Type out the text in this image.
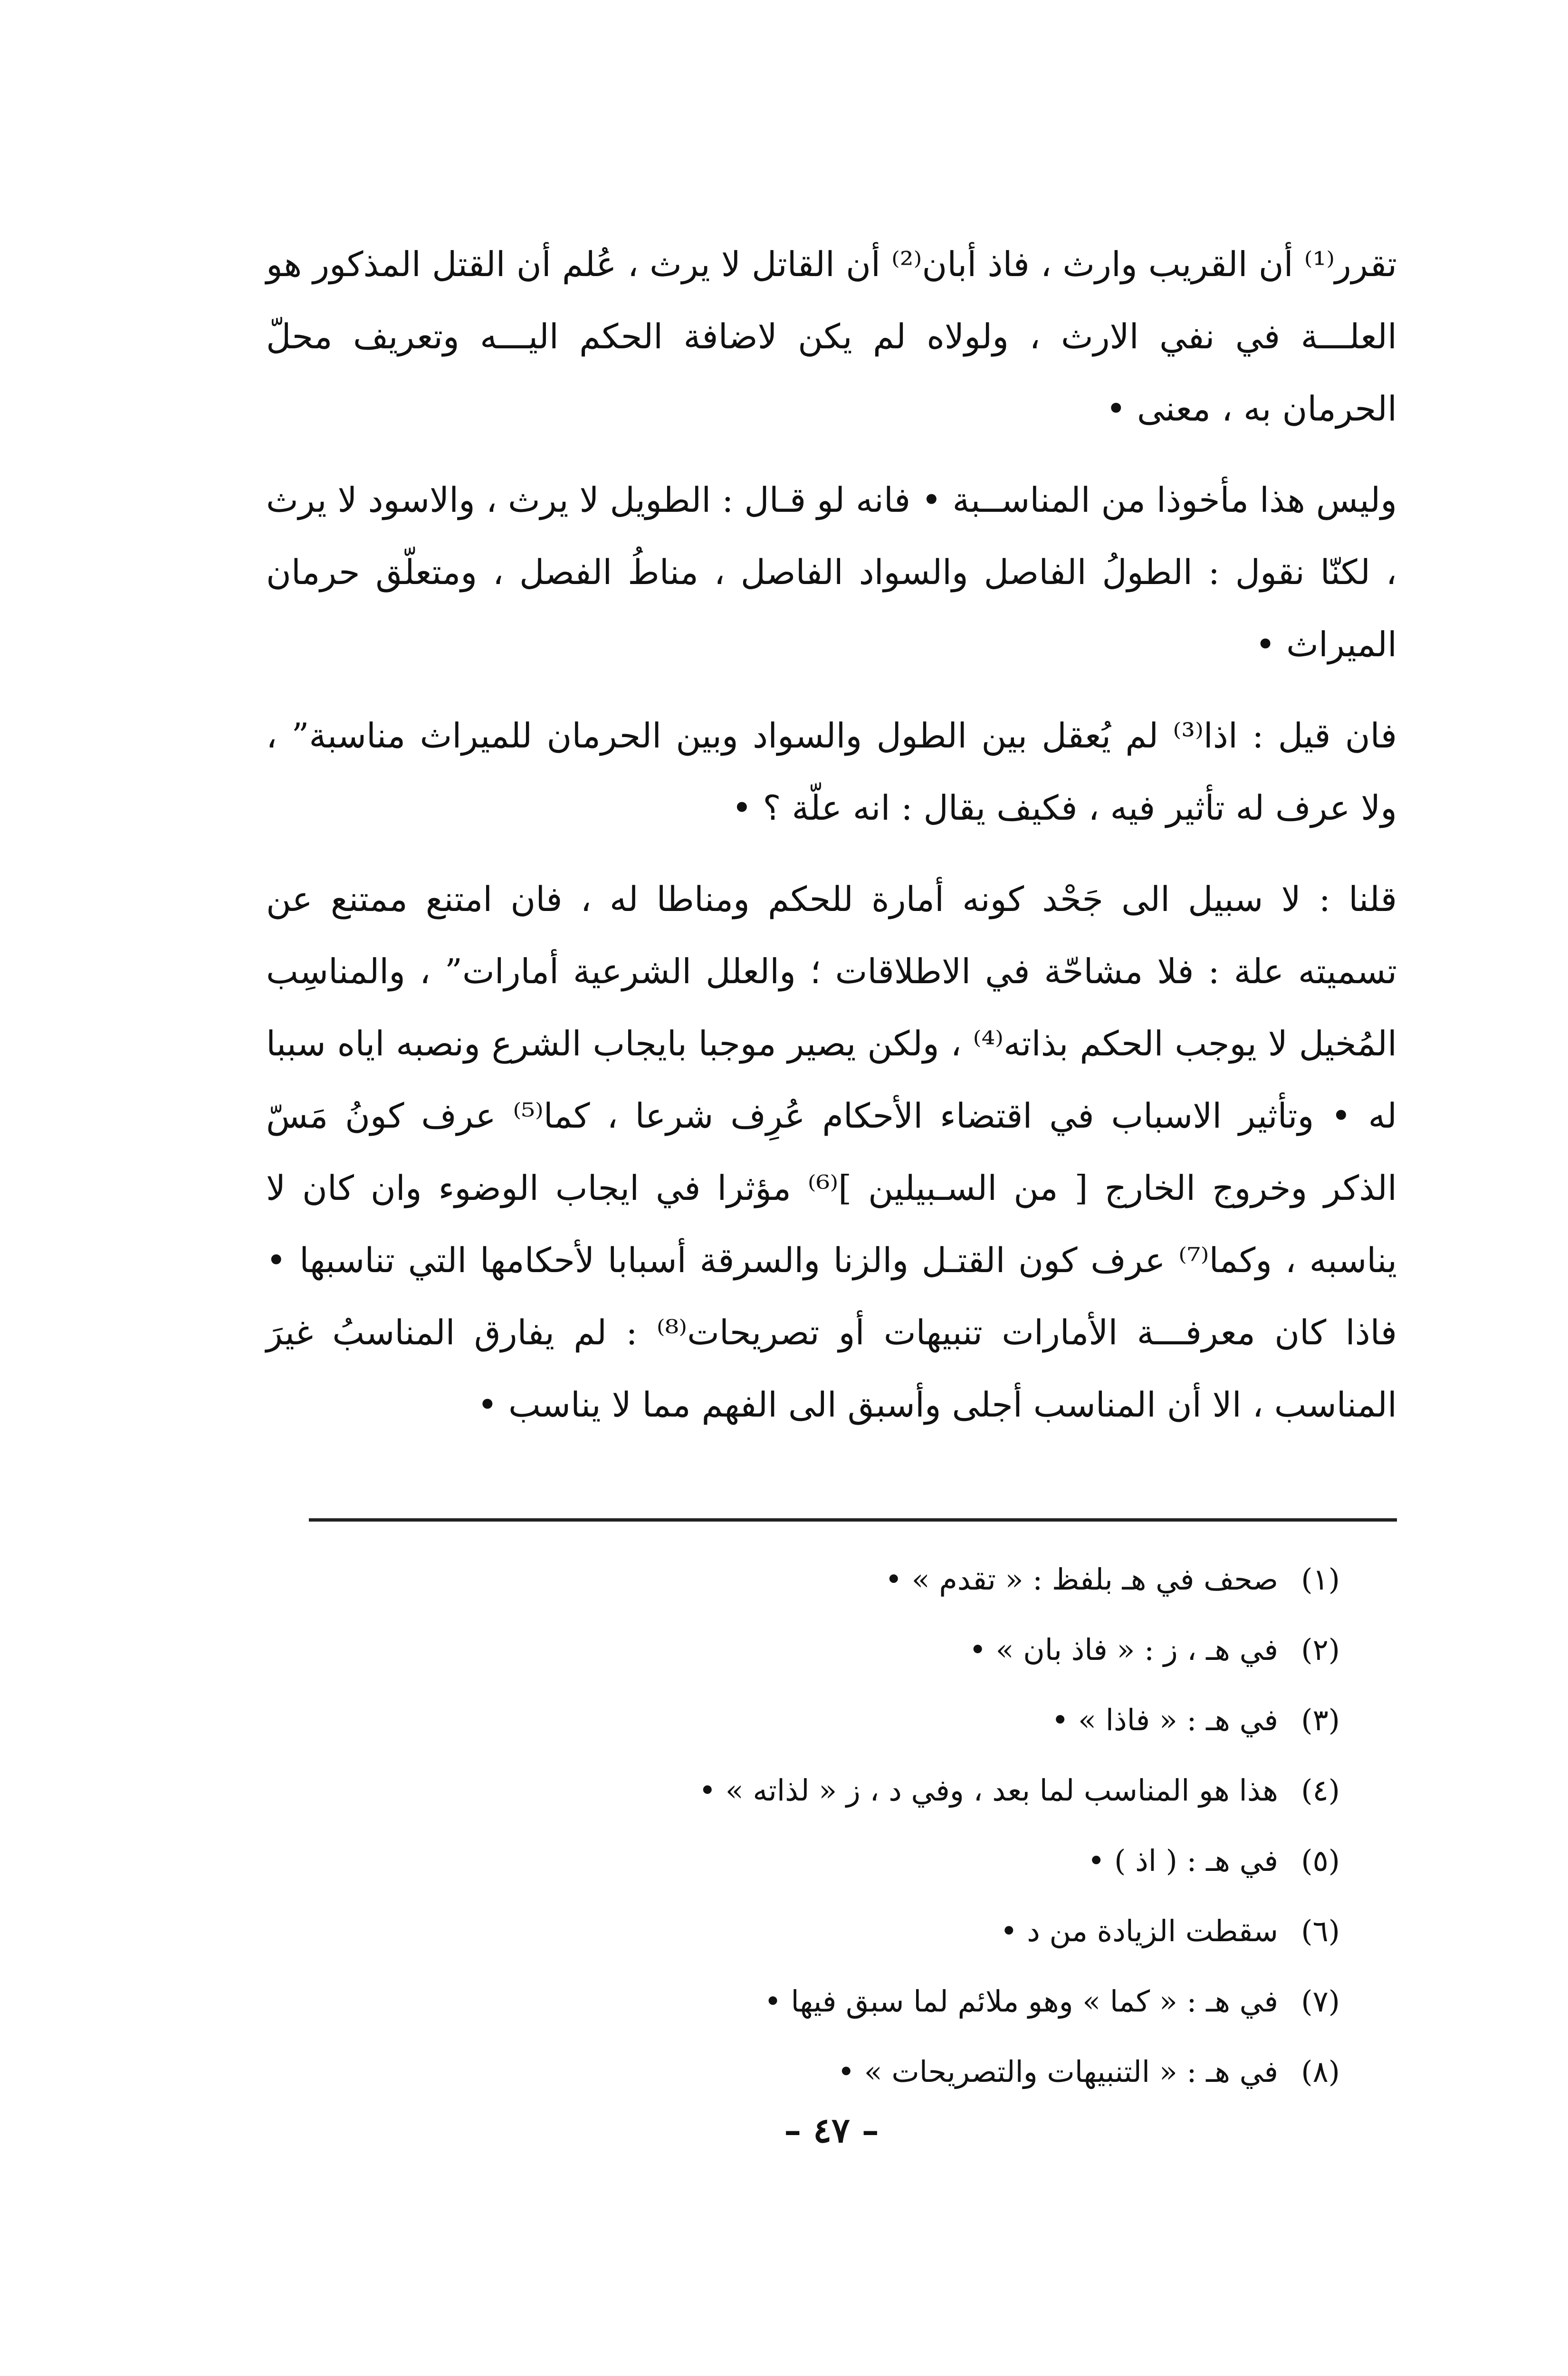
تقرر⁽¹⁾ أن القريب وارث ، فاذ أبان⁽²⁾ أن القاتل لا يرث ، عُلم أن القتل المذكور هو العلـــة في نفي الارث ، ولولاه لم يكن لاضافة الحكم اليـــه وتعريف محلّ الحرمان به ، معنى •

وليس هذا مأخوذا من المناســبة • فانه لو قـال : الطويل لا يرث ، والاسود لا يرث ، لكنّا نقول : الطولُ الفاصل والسواد الفاصل ، مناطُ الفصل ، ومتعلّق حرمان الميراث •

فان قيل : اذا⁽³⁾ لم يُعقل بين الطول والسواد وبين الحرمان للميراث مناسبة” ، ولا عرف له تأثير فيه ، فكيف يقال : انه علّة ؟ •

قلنا : لا سبيل الى جَحْد كونه أمارة للحكم ومناطا له ، فان امتنع ممتنع عن تسميته علة : فلا مشاحّة في الاطلاقات ؛ والعلل الشرعية أمارات” ، والمناسِب المُخيل لا يوجب الحكم بذاته⁽⁴⁾ ، ولكن يصير موجبا بايجاب الشرع ونصبه اياه سببا له • وتأثير الاسباب في اقتضاء الأحكام عُرِف شرعا ، كما⁽⁵⁾ عرف كونُ مَسّ الذكر وخروج الخارج [ من السـبيلين ]⁽⁶⁾ مؤثرا في ايجاب الوضوء وان كان لا يناسبه ، وكما⁽⁷⁾ عرف كون القتـل والزنا والسرقة أسبابا لأحكامها التي تناسبها • فاذا كان معرفـــة الأمارات تنبيهات أو تصريحات⁽⁸⁾ : لم يفارق المناسبُ غيرَ المناسب ، الا أن المناسب أجلى وأسبق الى الفهم مما لا يناسب •

(١)صحف في هـ بلفظ : « تقدم » •
(٢)في هـ ، ز : « فاذ بان » •
(٣)في هـ : « فاذا » •
(٤)هذا هو المناسب لما بعد ، وفي د ، ز « لذاته » •
(٥)في هـ : ( اذ ) •
(٦)سقطت الزيادة من د •
(٧)في هـ : « كما » وهو ملائم لما سبق فيها •
(٨)في هـ : « التنبيهات والتصريحات » •
– ٤٧ –
